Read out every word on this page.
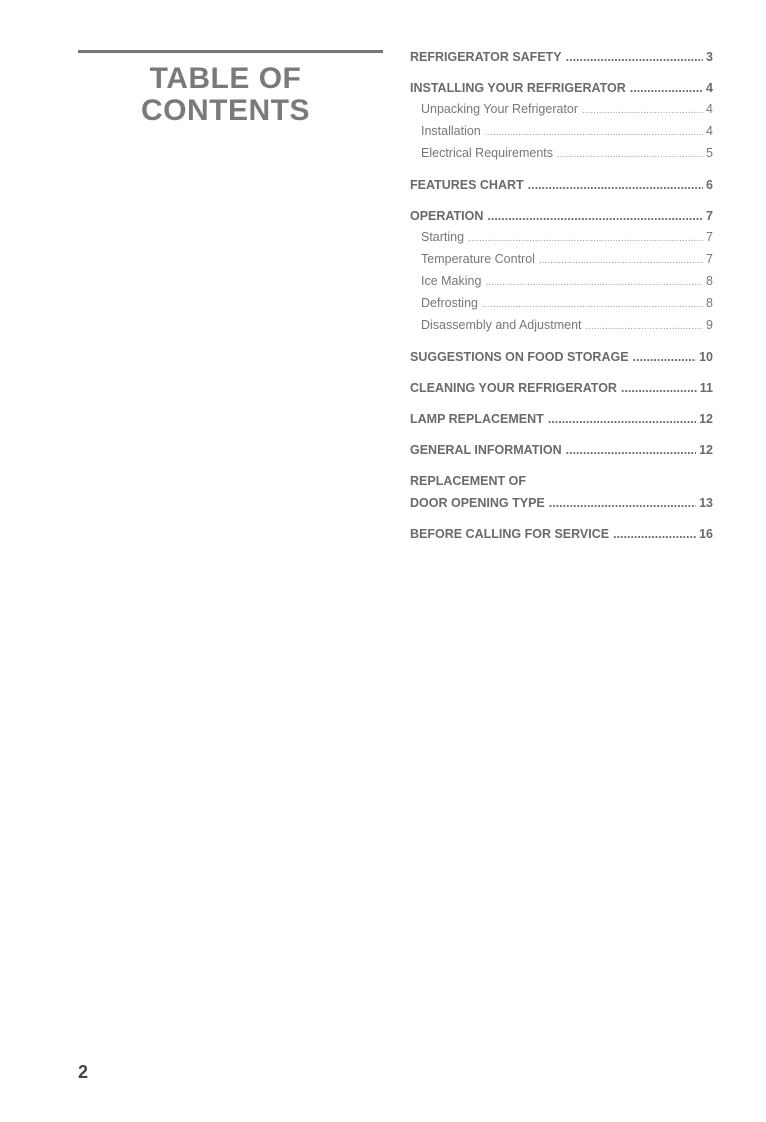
TABLE OF
CONTENTS
REFRIGERATOR SAFETY .....	3
INSTALLING YOUR REFRIGERATOR .....	4
Unpacking Your Refrigerator .....	4
Installation .....	4
Electrical Requirements .....	5
FEATURES CHART .....	6
OPERATION .....	7
Starting .....	7
Temperature Control .....	7
Ice Making .....	8
Defrosting .....	8
Disassembly and Adjustment .....	9
SUGGESTIONS ON FOOD STORAGE .....	10
CLEANING YOUR REFRIGERATOR .....	11
LAMP REPLACEMENT .....	12
GENERAL INFORMATION .....	12
REPLACEMENT OF
DOOR OPENING TYPE .....	13
BEFORE CALLING FOR SERVICE .....	16
2
